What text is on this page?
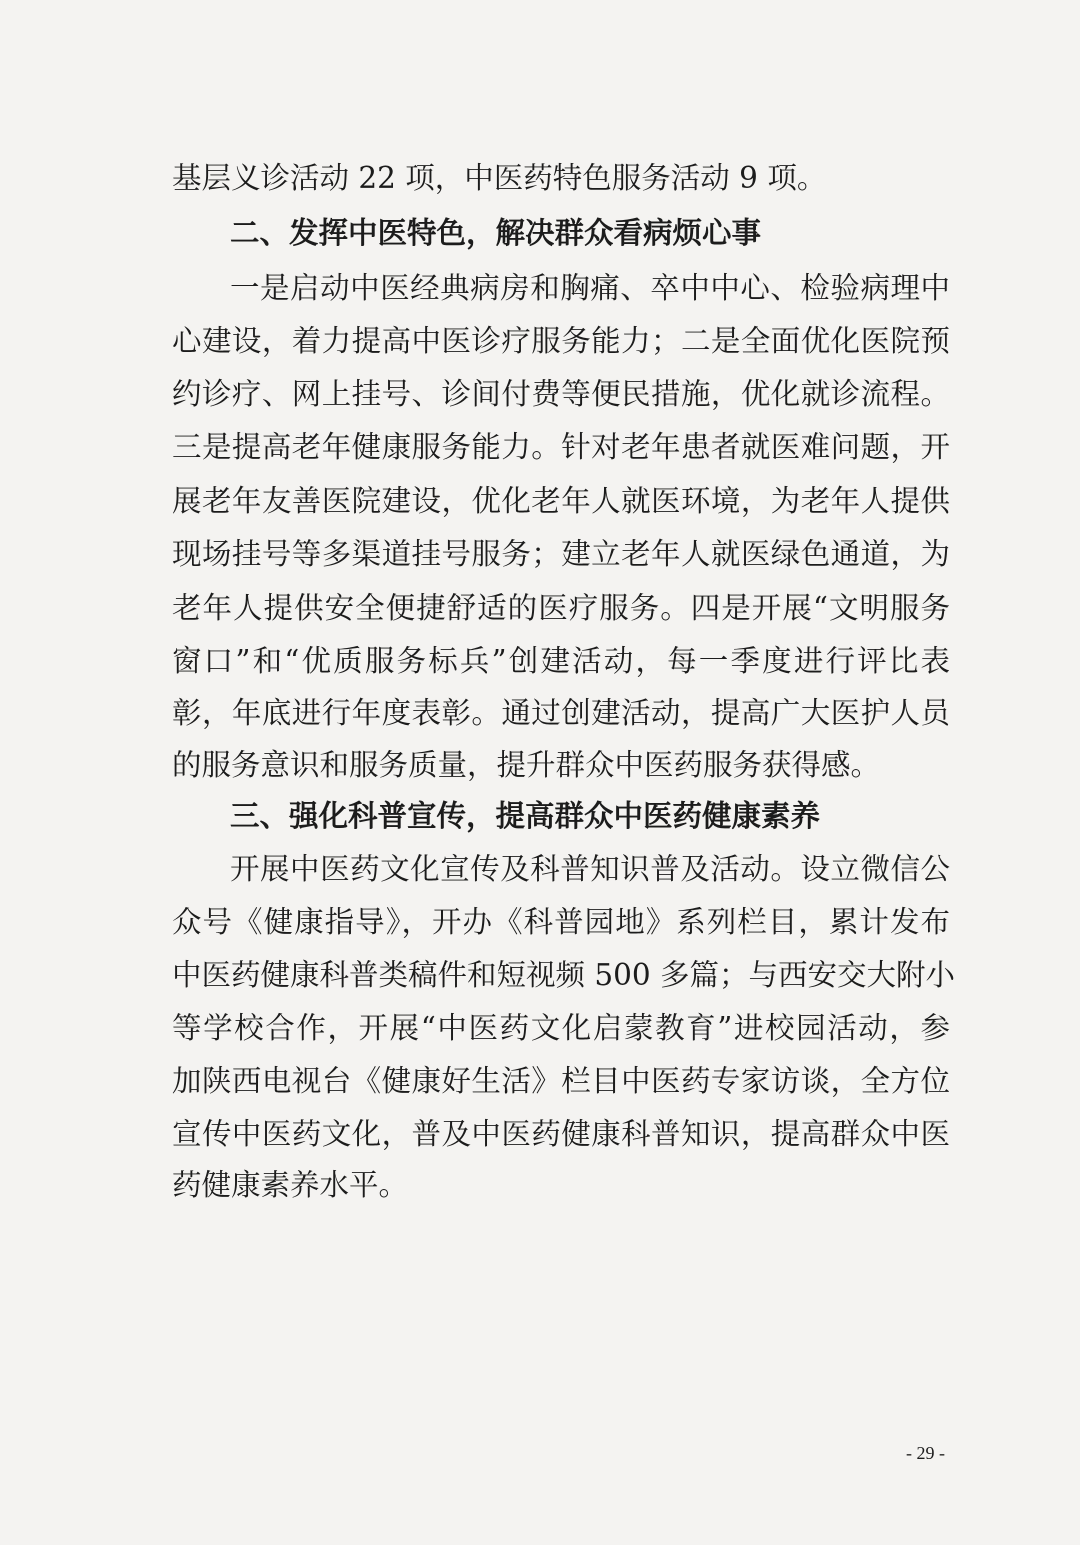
基层义诊活动 22 项，中医药特色服务活动 9 项。
二、发挥中医特色，解决群众看病烦心事
一是启动中医经典病房和胸痛、卒中中心、检验病理中
心建设，着力提高中医诊疗服务能力；二是全面优化医院预
约诊疗、网上挂号、诊间付费等便民措施，优化就诊流程。
三是提高老年健康服务能力。针对老年患者就医难问题，开
展老年友善医院建设，优化老年人就医环境，为老年人提供
现场挂号等多渠道挂号服务；建立老年人就医绿色通道，为
老年人提供安全便捷舒适的医疗服务。四是开展“文明服务
窗口”和“优质服务标兵”创建活动，每一季度进行评比表
彰，年底进行年度表彰。通过创建活动，提高广大医护人员
的服务意识和服务质量，提升群众中医药服务获得感。
三、强化科普宣传，提高群众中医药健康素养
开展中医药文化宣传及科普知识普及活动。设立微信公
众号《健康指导》，开办《科普园地》系列栏目，累计发布
中医药健康科普类稿件和短视频 500 多篇；与西安交大附小
等学校合作，开展“中医药文化启蒙教育”进校园活动，参
加陕西电视台《健康好生活》栏目中医药专家访谈，全方位
宣传中医药文化，普及中医药健康科普知识，提高群众中医
药健康素养水平。
- 29 -
